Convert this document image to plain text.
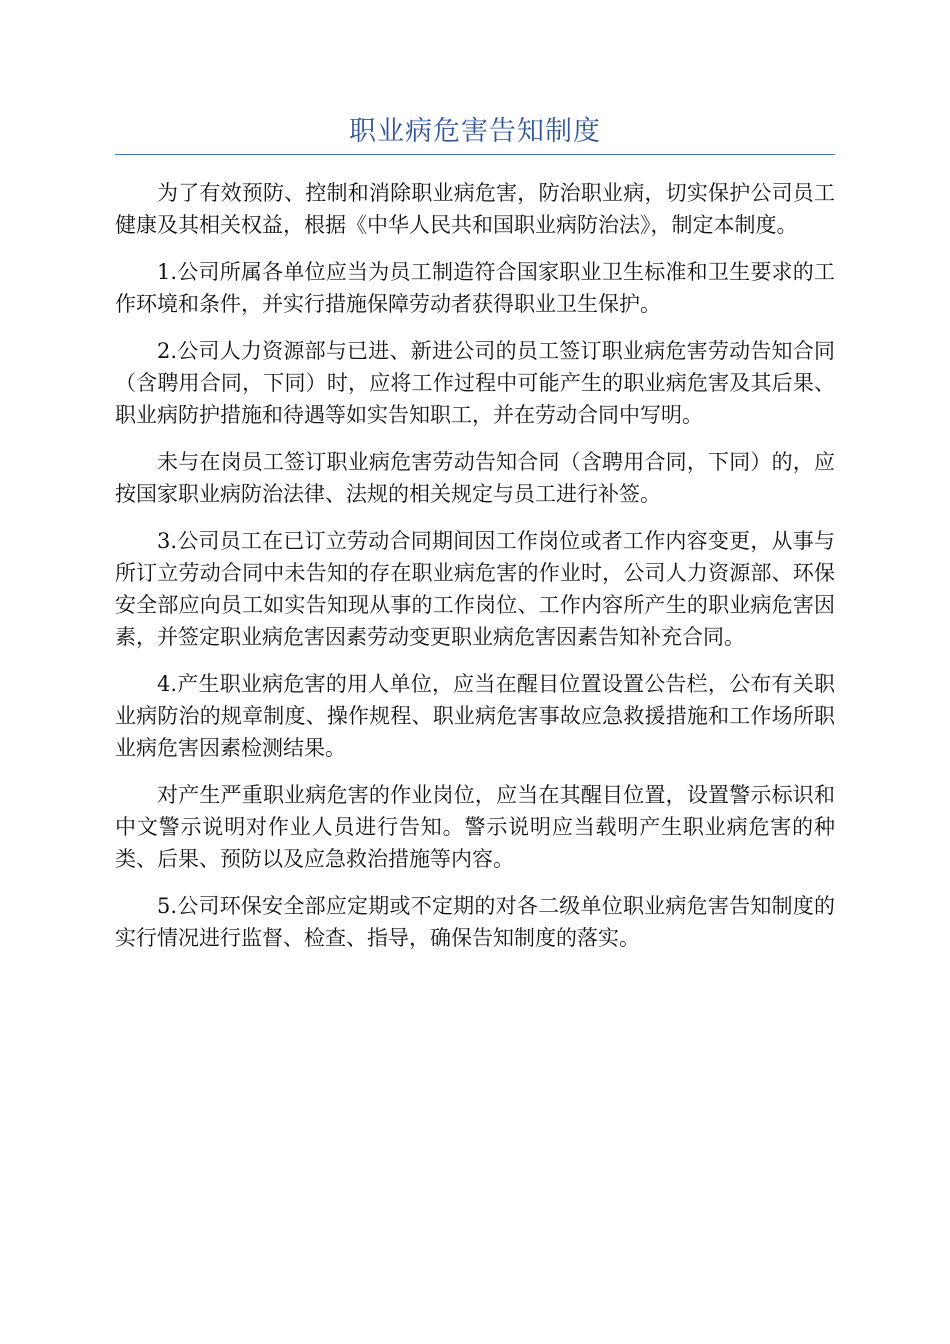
职业病危害告知制度

为了有效预防、控制和消除职业病危害，防治职业病，切实保护公司员工健康及其相关权益，根据《中华人民共和国职业病防治法》，制定本制度。

1.公司所属各单位应当为员工制造符合国家职业卫生标准和卫生要求的工作环境和条件，并实行措施保障劳动者获得职业卫生保护。

2.公司人力资源部与已进、新进公司的员工签订职业病危害劳动告知合同（含聘用合同，下同）时，应将工作过程中可能产生的职业病危害及其后果、职业病防护措施和待遇等如实告知职工，并在劳动合同中写明。

未与在岗员工签订职业病危害劳动告知合同（含聘用合同，下同）的，应按国家职业病防治法律、法规的相关规定与员工进行补签。

3.公司员工在已订立劳动合同期间因工作岗位或者工作内容变更，从事与所订立劳动合同中未告知的存在职业病危害的作业时，公司人力资源部、环保安全部应向员工如实告知现从事的工作岗位、工作内容所产生的职业病危害因素，并签定职业病危害因素劳动变更职业病危害因素告知补充合同。

4.产生职业病危害的用人单位，应当在醒目位置设置公告栏，公布有关职业病防治的规章制度、操作规程、职业病危害事故应急救援措施和工作场所职业病危害因素检测结果。

对产生严重职业病危害的作业岗位，应当在其醒目位置，设置警示标识和中文警示说明对作业人员进行告知。警示说明应当载明产生职业病危害的种类、后果、预防以及应急救治措施等内容。

5.公司环保安全部应定期或不定期的对各二级单位职业病危害告知制度的实行情况进行监督、检查、指导，确保告知制度的落实。
